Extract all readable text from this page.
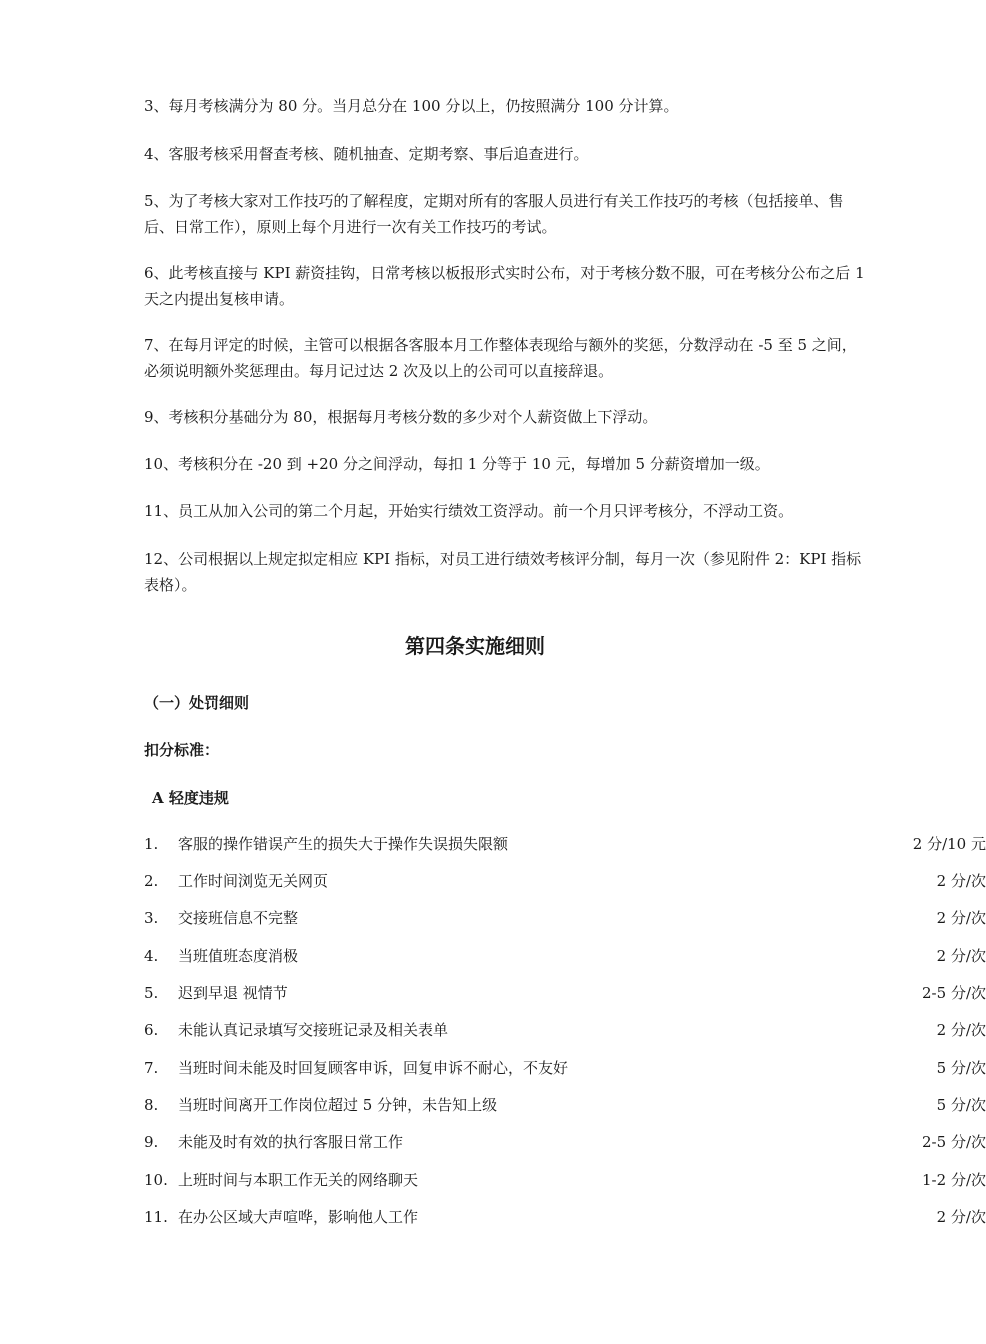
3、每月考核满分为 80 分。当月总分在 100 分以上，仍按照满分 100 分计算。

4、客服考核采用督查考核、随机抽查、定期考察、事后追查进行。

5、为了考核大家对工作技巧的了解程度，定期对所有的客服人员进行有关工作技巧的考核（包括接单、售后、日常工作），原则上每个月进行一次有关工作技巧的考试。

6、此考核直接与 KPI 薪资挂钩，日常考核以板报形式实时公布，对于考核分数不服，可在考核分公布之后 1 天之内提出复核申请。

7、在每月评定的时候，主管可以根据各客服本月工作整体表现给与额外的奖惩，分数浮动在 -5 至 5 之间，必须说明额外奖惩理由。每月记过达 2 次及以上的公司可以直接辞退。

9、考核积分基础分为 80，根据每月考核分数的多少对个人薪资做上下浮动。

10、考核积分在 -20 到 +20 分之间浮动，每扣 1 分等于 10 元，每增加 5 分薪资增加一级。

11、员工从加入公司的第二个月起，开始实行绩效工资浮动。前一个月只评考核分，不浮动工资。

12、公司根据以上规定拟定相应 KPI 指标，对员工进行绩效考核评分制，每月一次（参见附件 2：KPI 指标表格）。

第四条实施细则

（一）处罚细则

扣分标准：

A 轻度违规

1.	客服的操作错误产生的损失大于操作失误损失限额	2 分/10 元
2.	工作时间浏览无关网页	2 分/次
3.	交接班信息不完整	2 分/次
4.	当班值班态度消极	2 分/次
5.	迟到早退 视情节	2-5 分/次
6.	未能认真记录填写交接班记录及相关表单	2 分/次
7.	当班时间未能及时回复顾客申诉，回复申诉不耐心，不友好	5 分/次
8.	当班时间离开工作岗位超过 5 分钟，未告知上级	5 分/次
9.	未能及时有效的执行客服日常工作	2-5 分/次
10. 上班时间与本职工作无关的网络聊天	1-2 分/次
11. 在办公区域大声喧哗，影响他人工作	2 分/次
